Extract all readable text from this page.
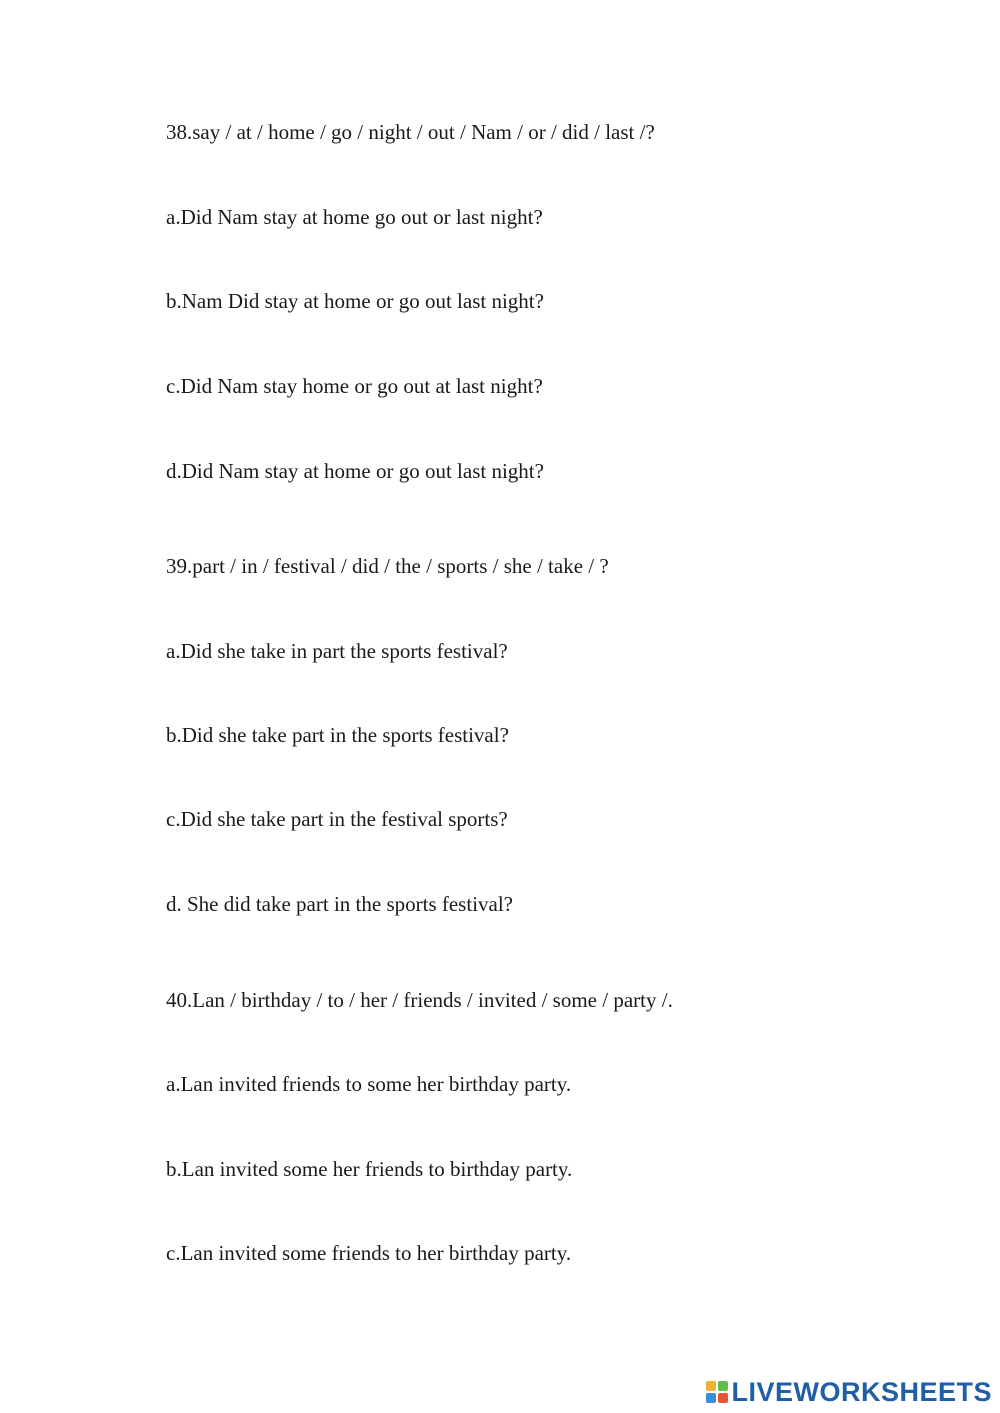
38.say / at / home / go / night / out / Nam / or / did / last /?
a.Did Nam stay at home go out or last night?
b.Nam Did stay at home or go out last night?
c.Did Nam stay home or go out at last night?
d.Did Nam stay at home or go out last night?
39.part / in / festival / did / the / sports / she / take / ?
a.Did she take in part the sports festival?
b.Did she take part in the sports festival?
c.Did she take part in the festival sports?
d. She did take part in the sports festival?
40.Lan / birthday / to / her / friends / invited / some / party /.
a.Lan invited friends to some her birthday party.
b.Lan invited some her friends to birthday party.
c.Lan invited some friends to her birthday party.
LIVEWORKSHEETS
